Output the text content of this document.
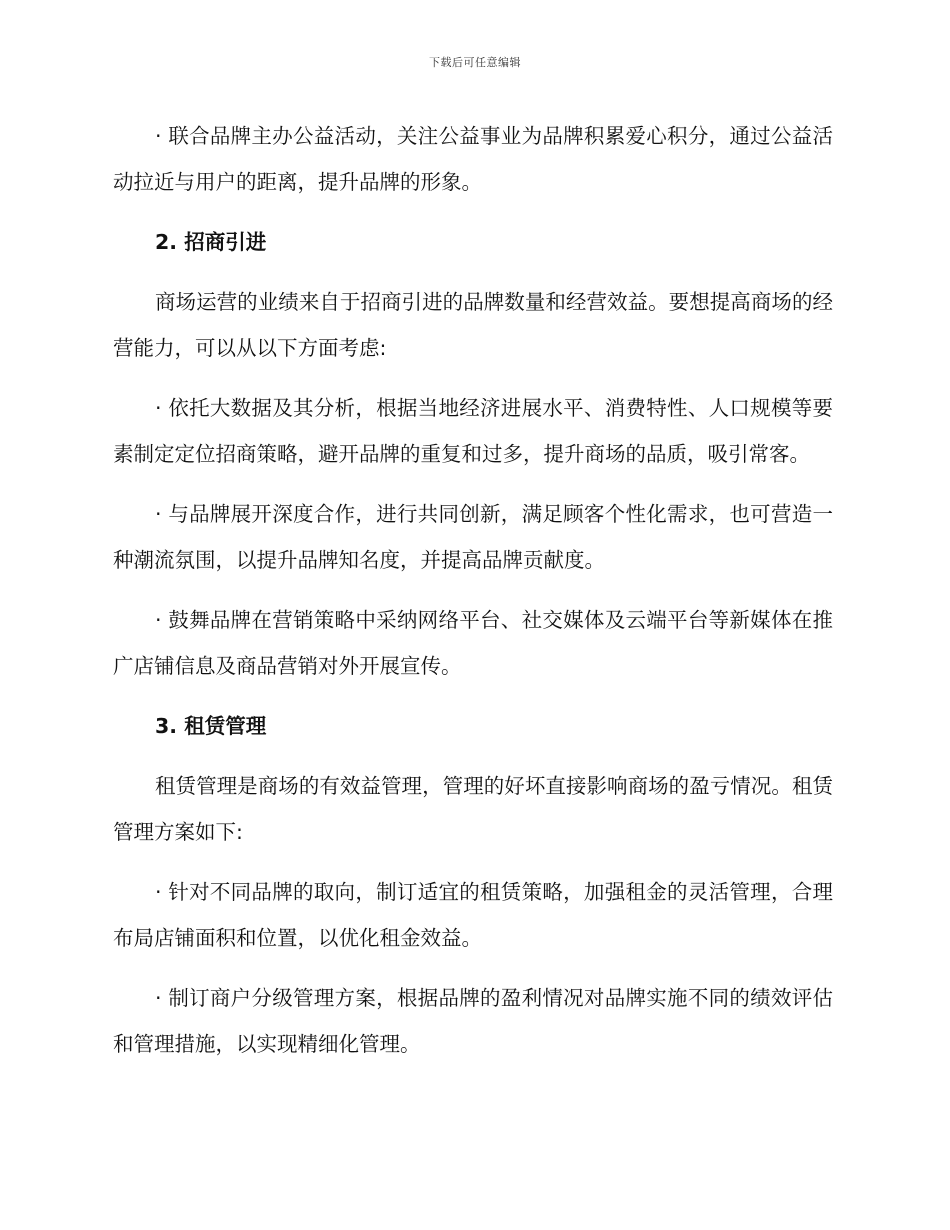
下载后可任意编辑

· 联合品牌主办公益活动，关注公益事业为品牌积累爱心积分，通过公益活动拉近与用户的距离，提升品牌的形象。

2. 招商引进

商场运营的业绩来自于招商引进的品牌数量和经营效益。要想提高商场的经营能力，可以从以下方面考虑:

· 依托大数据及其分析，根据当地经济进展水平、消费特性、人口规模等要素制定定位招商策略，避开品牌的重复和过多，提升商场的品质，吸引常客。

· 与品牌展开深度合作，进行共同创新，满足顾客个性化需求，也可营造一种潮流氛围，以提升品牌知名度，并提高品牌贡献度。

· 鼓舞品牌在营销策略中采纳网络平台、社交媒体及云端平台等新媒体在推广店铺信息及商品营销对外开展宣传。

3. 租赁管理

租赁管理是商场的有效益管理，管理的好坏直接影响商场的盈亏情况。租赁管理方案如下:

· 针对不同品牌的取向，制订适宜的租赁策略，加强租金的灵活管理，合理布局店铺面积和位置，以优化租金效益。

· 制订商户分级管理方案，根据品牌的盈利情况对品牌实施不同的绩效评估和管理措施，以实现精细化管理。
